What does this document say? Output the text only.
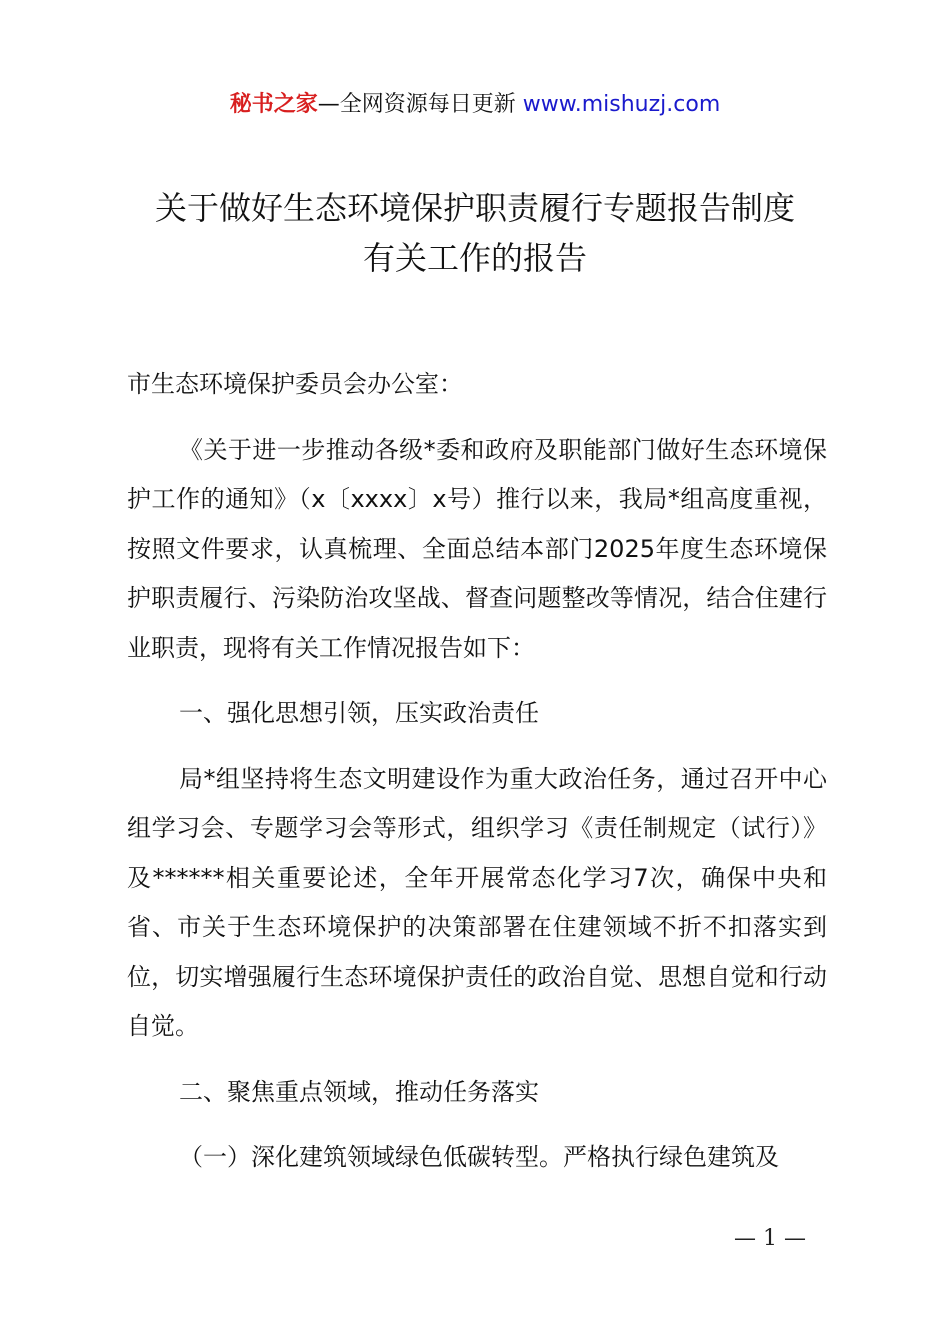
秘书之家—全网资源每日更新 www.mishuzj.com
关于做好生态环境保护职责履行专题报告制度
有关工作的报告

市生态环境保护委员会办公室：

《关于进一步推动各级*委和政府及职能部门做好生态环境保护工作的通知》（x〔xxxx〕x号）推行以来，我局*组高度重视，按照文件要求，认真梳理、全面总结本部门2025年度生态环境保护职责履行、污染防治攻坚战、督查问题整改等情况，结合住建行业职责，现将有关工作情况报告如下：

一、强化思想引领，压实政治责任

局*组坚持将生态文明建设作为重大政治任务，通过召开中心组学习会、专题学习会等形式，组织学习《责任制规定（试行）》及******相关重要论述，全年开展常态化学习7次，确保中央和省、市关于生态环境保护的决策部署在住建领域不折不扣落实到位，切实增强履行生态环境保护责任的政治自觉、思想自觉和行动自觉。

二、聚焦重点领域，推动任务落实

（一）深化建筑领域绿色低碳转型。严格执行绿色建筑及

— 1 —
